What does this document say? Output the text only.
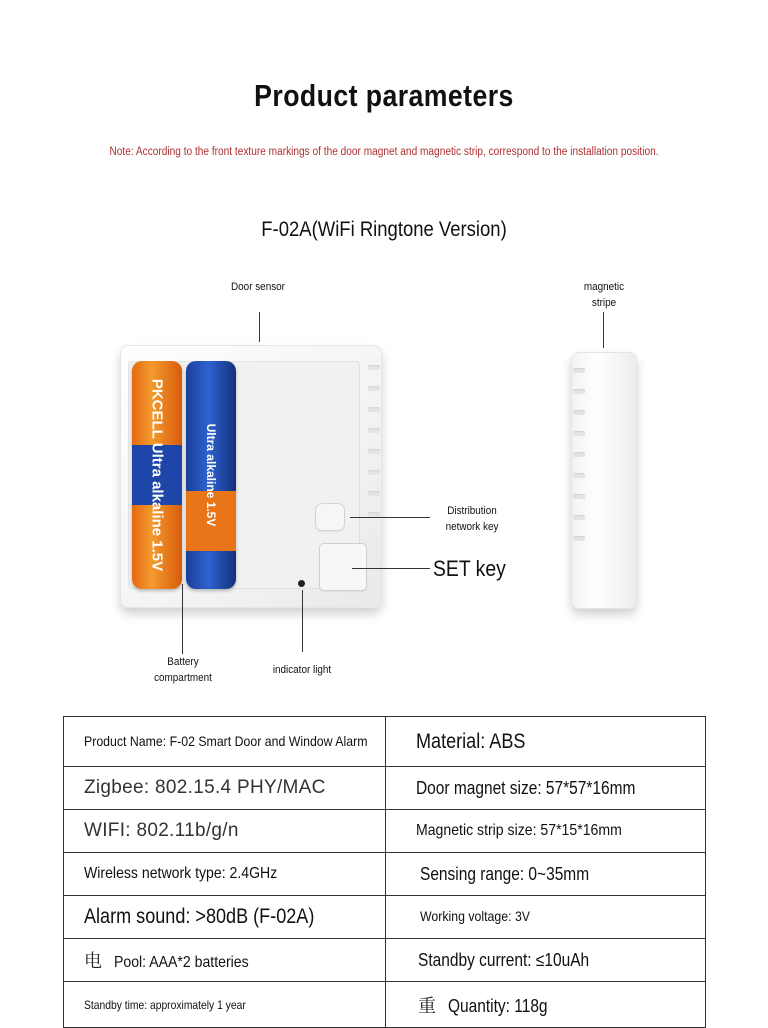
Product parameters
Note: According to the front texture markings of the door magnet and magnetic strip, correspond to the installation position.
F-02A(WiFi Ringtone Version)
Door sensor	magnetic stripe
PKCELL Ultra alkaline 1.5V	Ultra alkaline 1.5V	Distribution network key
SET key
Battery compartment
indicator light
Product Name: F-02 Smart Door and Window Alarm	Material: ABS
Zigbee: 802.15.4 PHY/MAC	Door magnet size: 57*57*16mm
WIFI: 802.11b/g/n	Magnetic strip size: 57*15*16mm
Wireless network type: 2.4GHz	Sensing range: 0~35mm
Alarm sound: >80dB (F-02A)	Working voltage: 3V
电 Pool: AAA*2 batteries	Standby current: ≤10uAh
Standby time: approximately 1 year	重 Quantity: 118g
